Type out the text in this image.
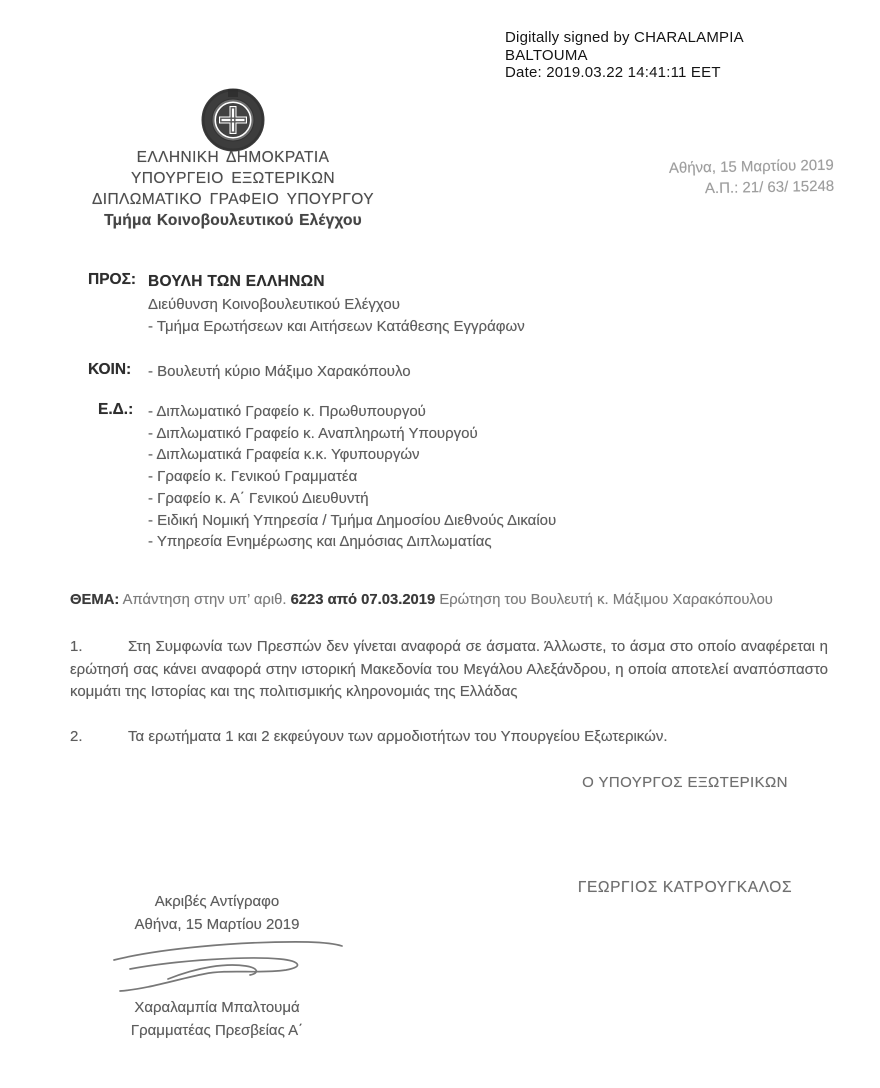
Digitally signed by CHARALAMPIA
BALTOUMA
Date: 2019.03.22 14:41:11 EET
ΕΛΛΗΝΙΚΗ ΔΗΜΟΚΡΑΤΙΑ
ΥΠΟΥΡΓΕΙΟ ΕΞΩΤΕΡΙΚΩΝ
ΔΙΠΛΩΜΑΤΙΚΟ ΓΡΑΦΕΙΟ ΥΠΟΥΡΓΟΥ
Τμήμα Κοινοβουλευτικού Ελέγχου
Αθήνα, 15 Μαρτίου 2019
Α.Π.: 21/ 63/ 15248
ΠΡΟΣ: ΒΟΥΛΗ ΤΩΝ ΕΛΛΗΝΩΝ
Διεύθυνση Κοινοβουλευτικού Ελέγχου
- Τμήμα Ερωτήσεων και Αιτήσεων Κατάθεσης Εγγράφων
ΚΟΙΝ: - Βουλευτή κύριο Μάξιμο Χαρακόπουλο
Ε.Δ.: - Διπλωματικό Γραφείο κ. Πρωθυπουργού
- Διπλωματικό Γραφείο κ. Αναπληρωτή Υπουργού
- Διπλωματικά Γραφεία κ.κ. Υφυπουργών
- Γραφείο κ. Γενικού Γραμματέα
- Γραφείο κ. Α΄ Γενικού Διευθυντή
- Ειδική Νομική Υπηρεσία / Τμήμα Δημοσίου Διεθνούς Δικαίου
- Υπηρεσία Ενημέρωσης και Δημόσιας Διπλωματίας
ΘΕΜΑ: Απάντηση στην υπ’ αριθ. 6223 από 07.03.2019 Ερώτηση του Βουλευτή κ. Μάξιμου Χαρακόπουλου
1.	Στη Συμφωνία των Πρεσπών δεν γίνεται αναφορά σε άσματα. Άλλωστε, το άσμα στο οποίο αναφέρεται η ερώτησή σας κάνει αναφορά στην ιστορική Μακεδονία του Μεγάλου Αλεξάνδρου, η οποία αποτελεί αναπόσπαστο κομμάτι της Ιστορίας και της πολιτισμικής κληρονομιάς της Ελλάδας
2.	Τα ερωτήματα 1 και 2 εκφεύγουν των αρμοδιοτήτων του Υπουργείου Εξωτερικών.
Ο ΥΠΟΥΡΓΟΣ ΕΞΩΤΕΡΙΚΩΝ
ΓΕΩΡΓΙΟΣ ΚΑΤΡΟΥΓΚΑΛΟΣ
Ακριβές Αντίγραφο
Αθήνα, 15 Μαρτίου 2019
Χαραλαμπία Μπαλτουμά
Γραμματέας Πρεσβείας Α΄
